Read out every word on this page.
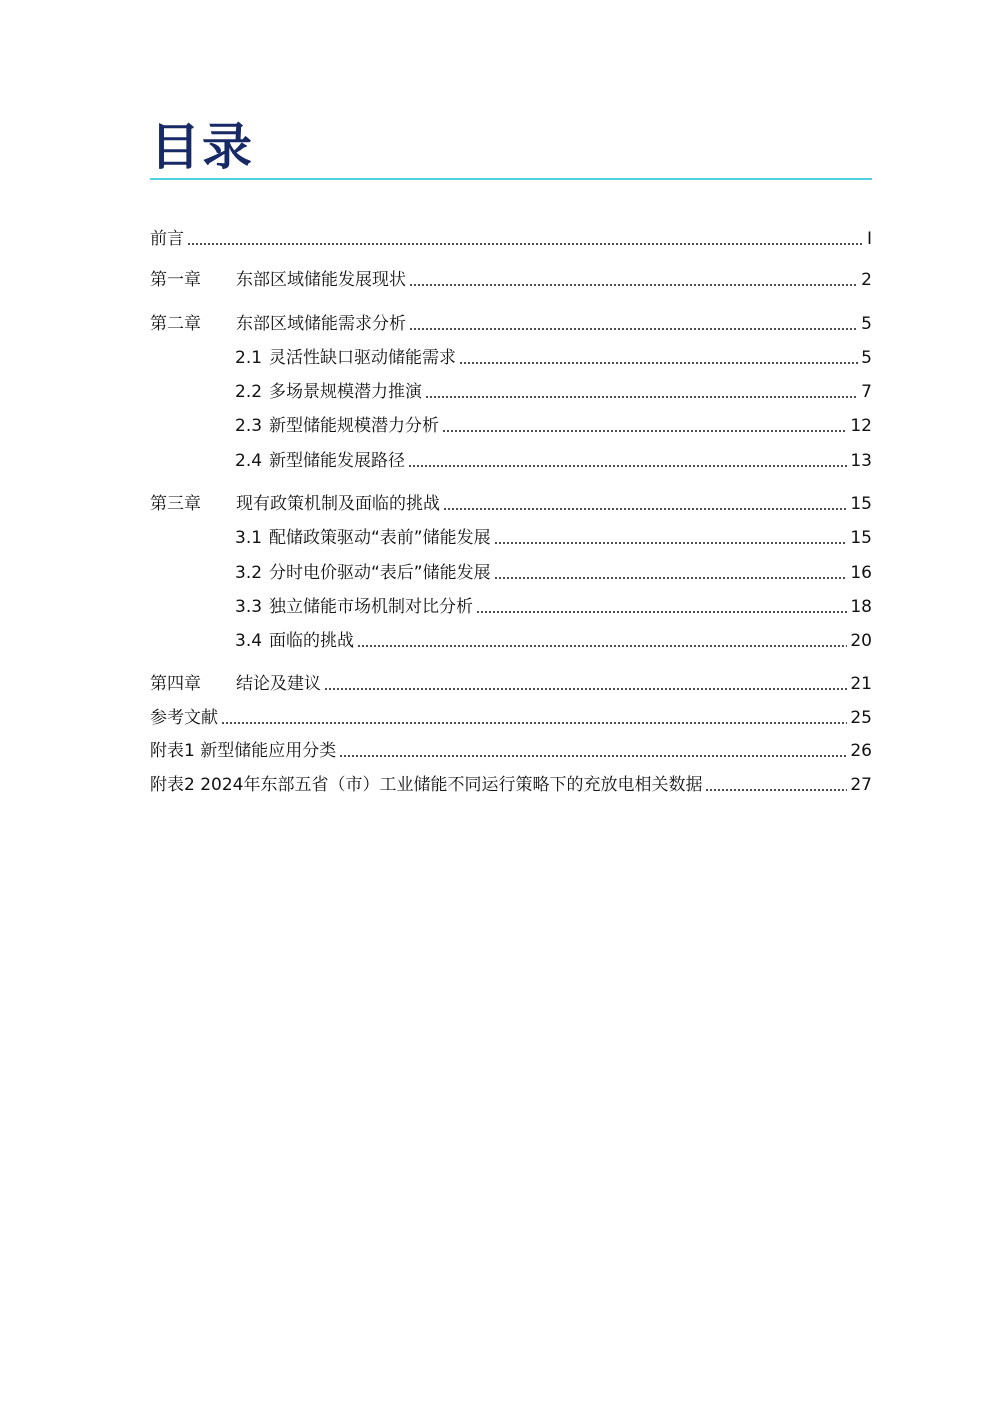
目录
前言	I
第一章	东部区域储能发展现状	2
第二章	东部区域储能需求分析	5
2.1 灵活性缺口驱动储能需求	5
2.2 多场景规模潜力推演	7
2.3 新型储能规模潜力分析	12
2.4 新型储能发展路径	13
第三章	现有政策机制及面临的挑战	15
3.1 配储政策驱动“表前”储能发展	15
3.2 分时电价驱动“表后”储能发展	16
3.3 独立储能市场机制对比分析	18
3.4 面临的挑战	20
第四章	结论及建议	21
参考文献	25
附表1 新型储能应用分类	26
附表2 2024年东部五省（市）工业储能不同运行策略下的充放电相关数据	27
